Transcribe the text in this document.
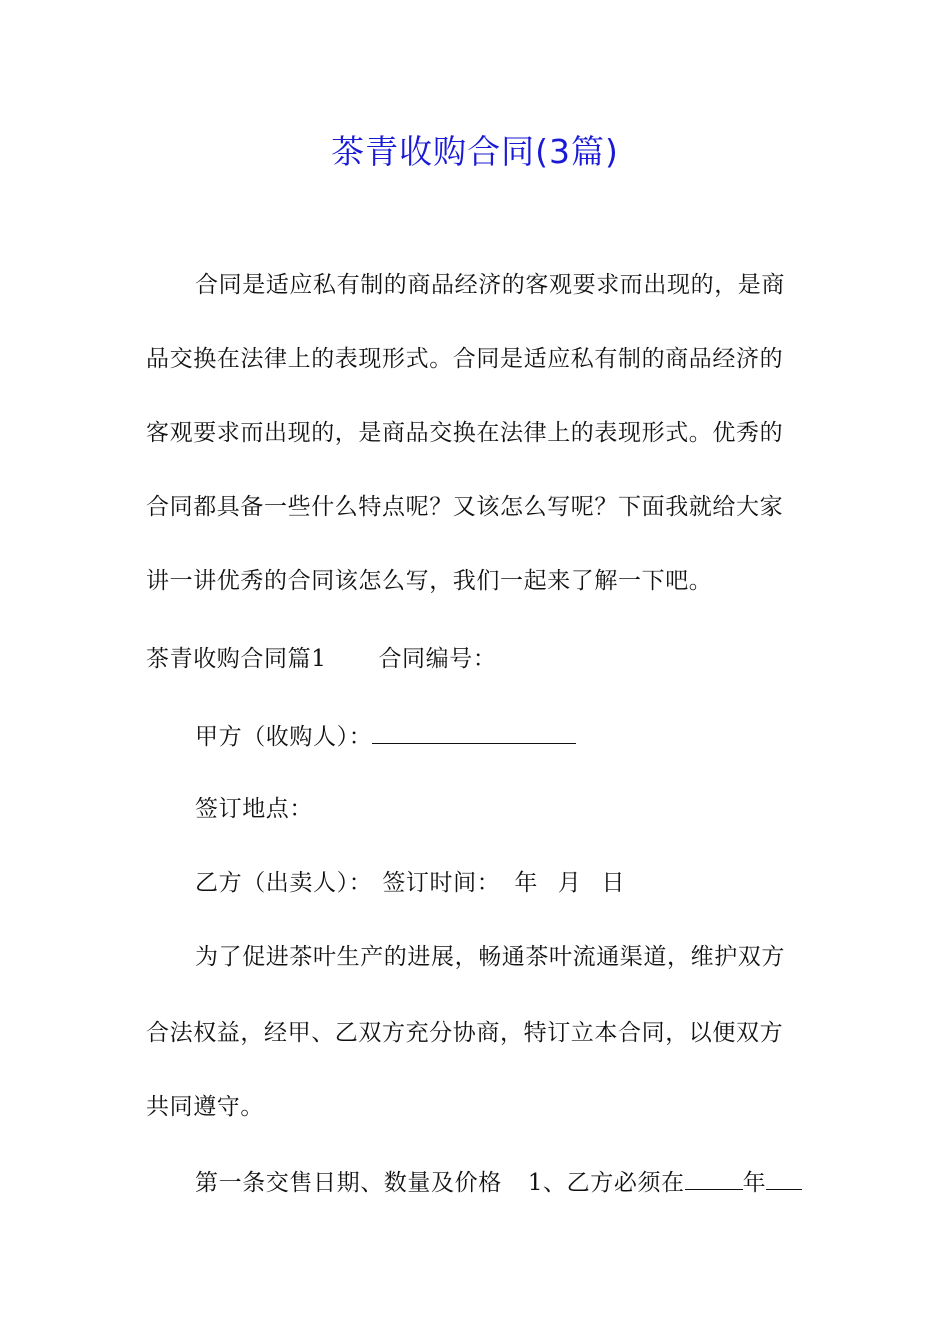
茶青收购合同(3篇)
合同是适应私有制的商品经济的客观要求而出现的，是商
品交换在法律上的表现形式。合同是适应私有制的商品经济的
客观要求而出现的，是商品交换在法律上的表现形式。优秀的
合同都具备一些什么特点呢？又该怎么写呢？下面我就给大家
讲一讲优秀的合同该怎么写，我们一起来了解一下吧。
茶青收购合同篇1 合同编号：
甲方（收购人）：
签订地点：
乙方（出卖人）： 签订时间： 年 月 日
为了促进茶叶生产的进展，畅通茶叶流通渠道，维护双方
合法权益，经甲、乙双方充分协商，特订立本合同，以便双方
共同遵守。
第一条交售日期、数量及价格 1、乙方必须在	年
